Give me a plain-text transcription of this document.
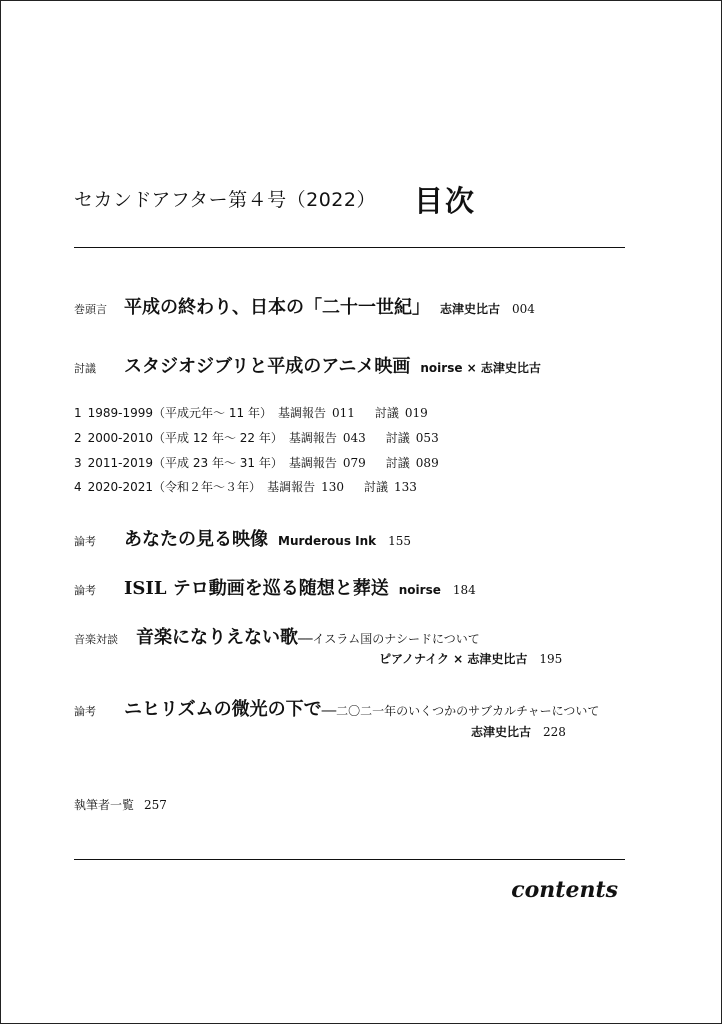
セカンドアフター第４号（2022） 目次
巻頭言 平成の終わり、日本の「二十一世紀」 志津史比古 004
討議	スタジオジブリと平成のアニメ映画 noirse × 志津史比古
1 1989-1999（平成元年～ 11 年） 基調報告 011 討議 019
2 2000-2010（平成 12 年～ 22 年） 基調報告 043 討議 053
3 2011-2019（平成 23 年～ 31 年） 基調報告 079 討議 089
4 2020-2021（令和２年～３年） 基調報告 130 討議 133
論考	あなたの見る映像 Murderous Ink 155
論考	ISIL テロ動画を巡る随想と葬送 noirse 184
音楽対談	音楽になりえない歌 ──イスラム国のナシードについて
ピアノナイク × 志津史比古 195
論考	ニヒリズムの微光の下で ──二〇二一年のいくつかのサブカルチャーについて
志津史比古 228
執筆者一覧 257
contents
